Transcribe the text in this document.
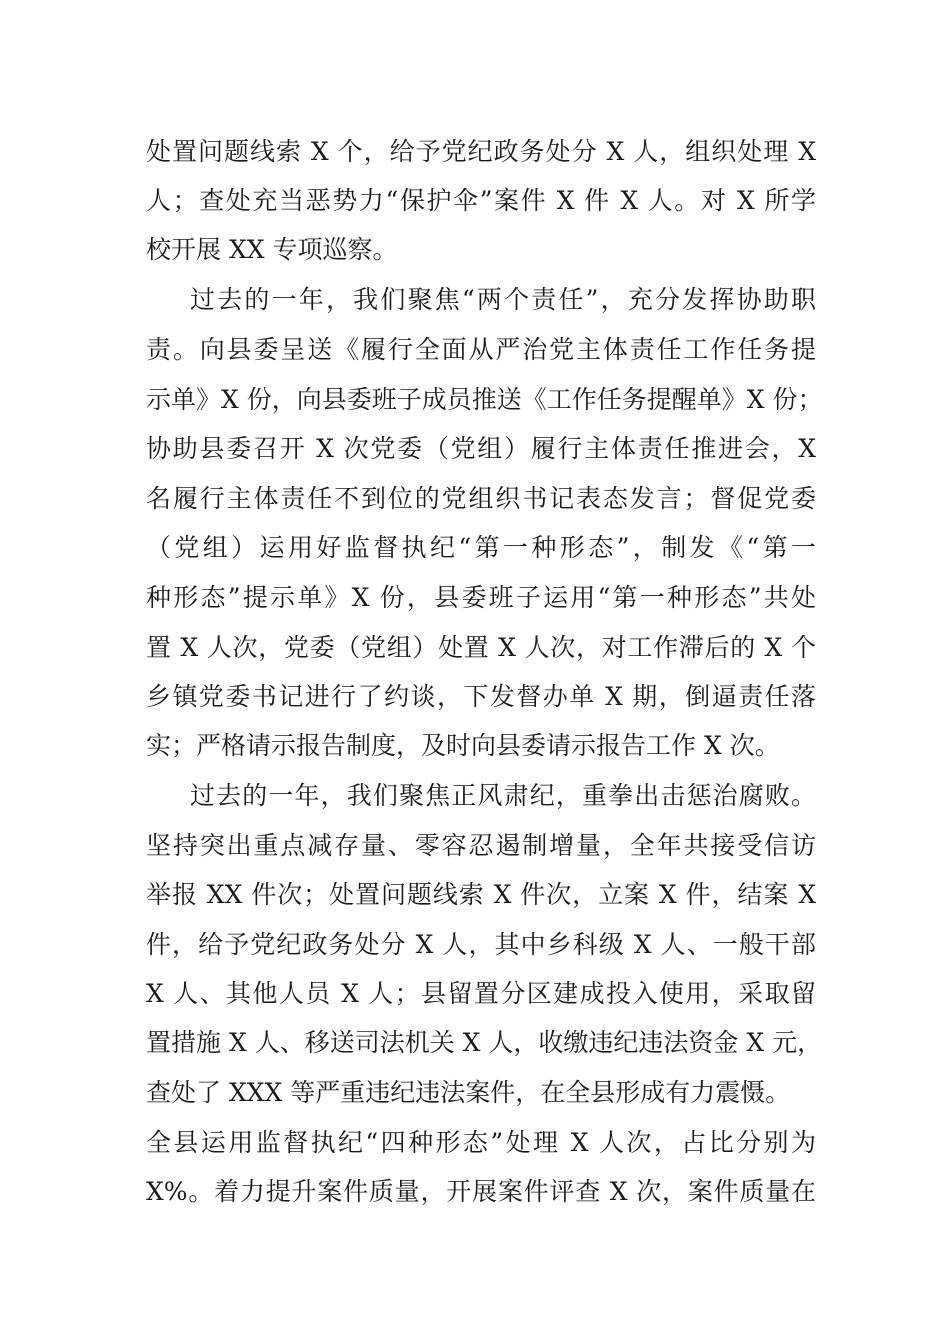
处置问题线索 X 个，给予党纪政务处分 X 人，组织处理 X
人；查处充当恶势力“保护伞”案件 X 件 X 人。对 X 所学
校开展 XX 专项巡察。
过去的一年，我们聚焦“两个责任”，充分发挥协助职
责。向县委呈送《履行全面从严治党主体责任工作任务提
示单》X 份，向县委班子成员推送《工作任务提醒单》X 份；
协助县委召开 X 次党委（党组）履行主体责任推进会，X
名履行主体责任不到位的党组织书记表态发言；督促党委
（党组）运用好监督执纪“第一种形态”，制发《“第一
种形态”提示单》X 份，县委班子运用“第一种形态”共处
置 X 人次，党委（党组）处置 X 人次，对工作滞后的 X 个
乡镇党委书记进行了约谈，下发督办单 X 期，倒逼责任落
实；严格请示报告制度，及时向县委请示报告工作 X 次。
过去的一年，我们聚焦正风肃纪，重拳出击惩治腐败。
坚持突出重点减存量、零容忍遏制增量，全年共接受信访
举报 XX 件次；处置问题线索 X 件次，立案 X 件，结案 X
件，给予党纪政务处分 X 人，其中乡科级 X 人、一般干部
X 人、其他人员 X 人；县留置分区建成投入使用，采取留
置措施 X 人、移送司法机关 X 人，收缴违纪违法资金 X 元，
查处了 XXX 等严重违纪违法案件，在全县形成有力震慑。
全县运用监督执纪“四种形态”处理 X 人次，占比分别为
X%。着力提升案件质量，开展案件评查 X 次，案件质量在
